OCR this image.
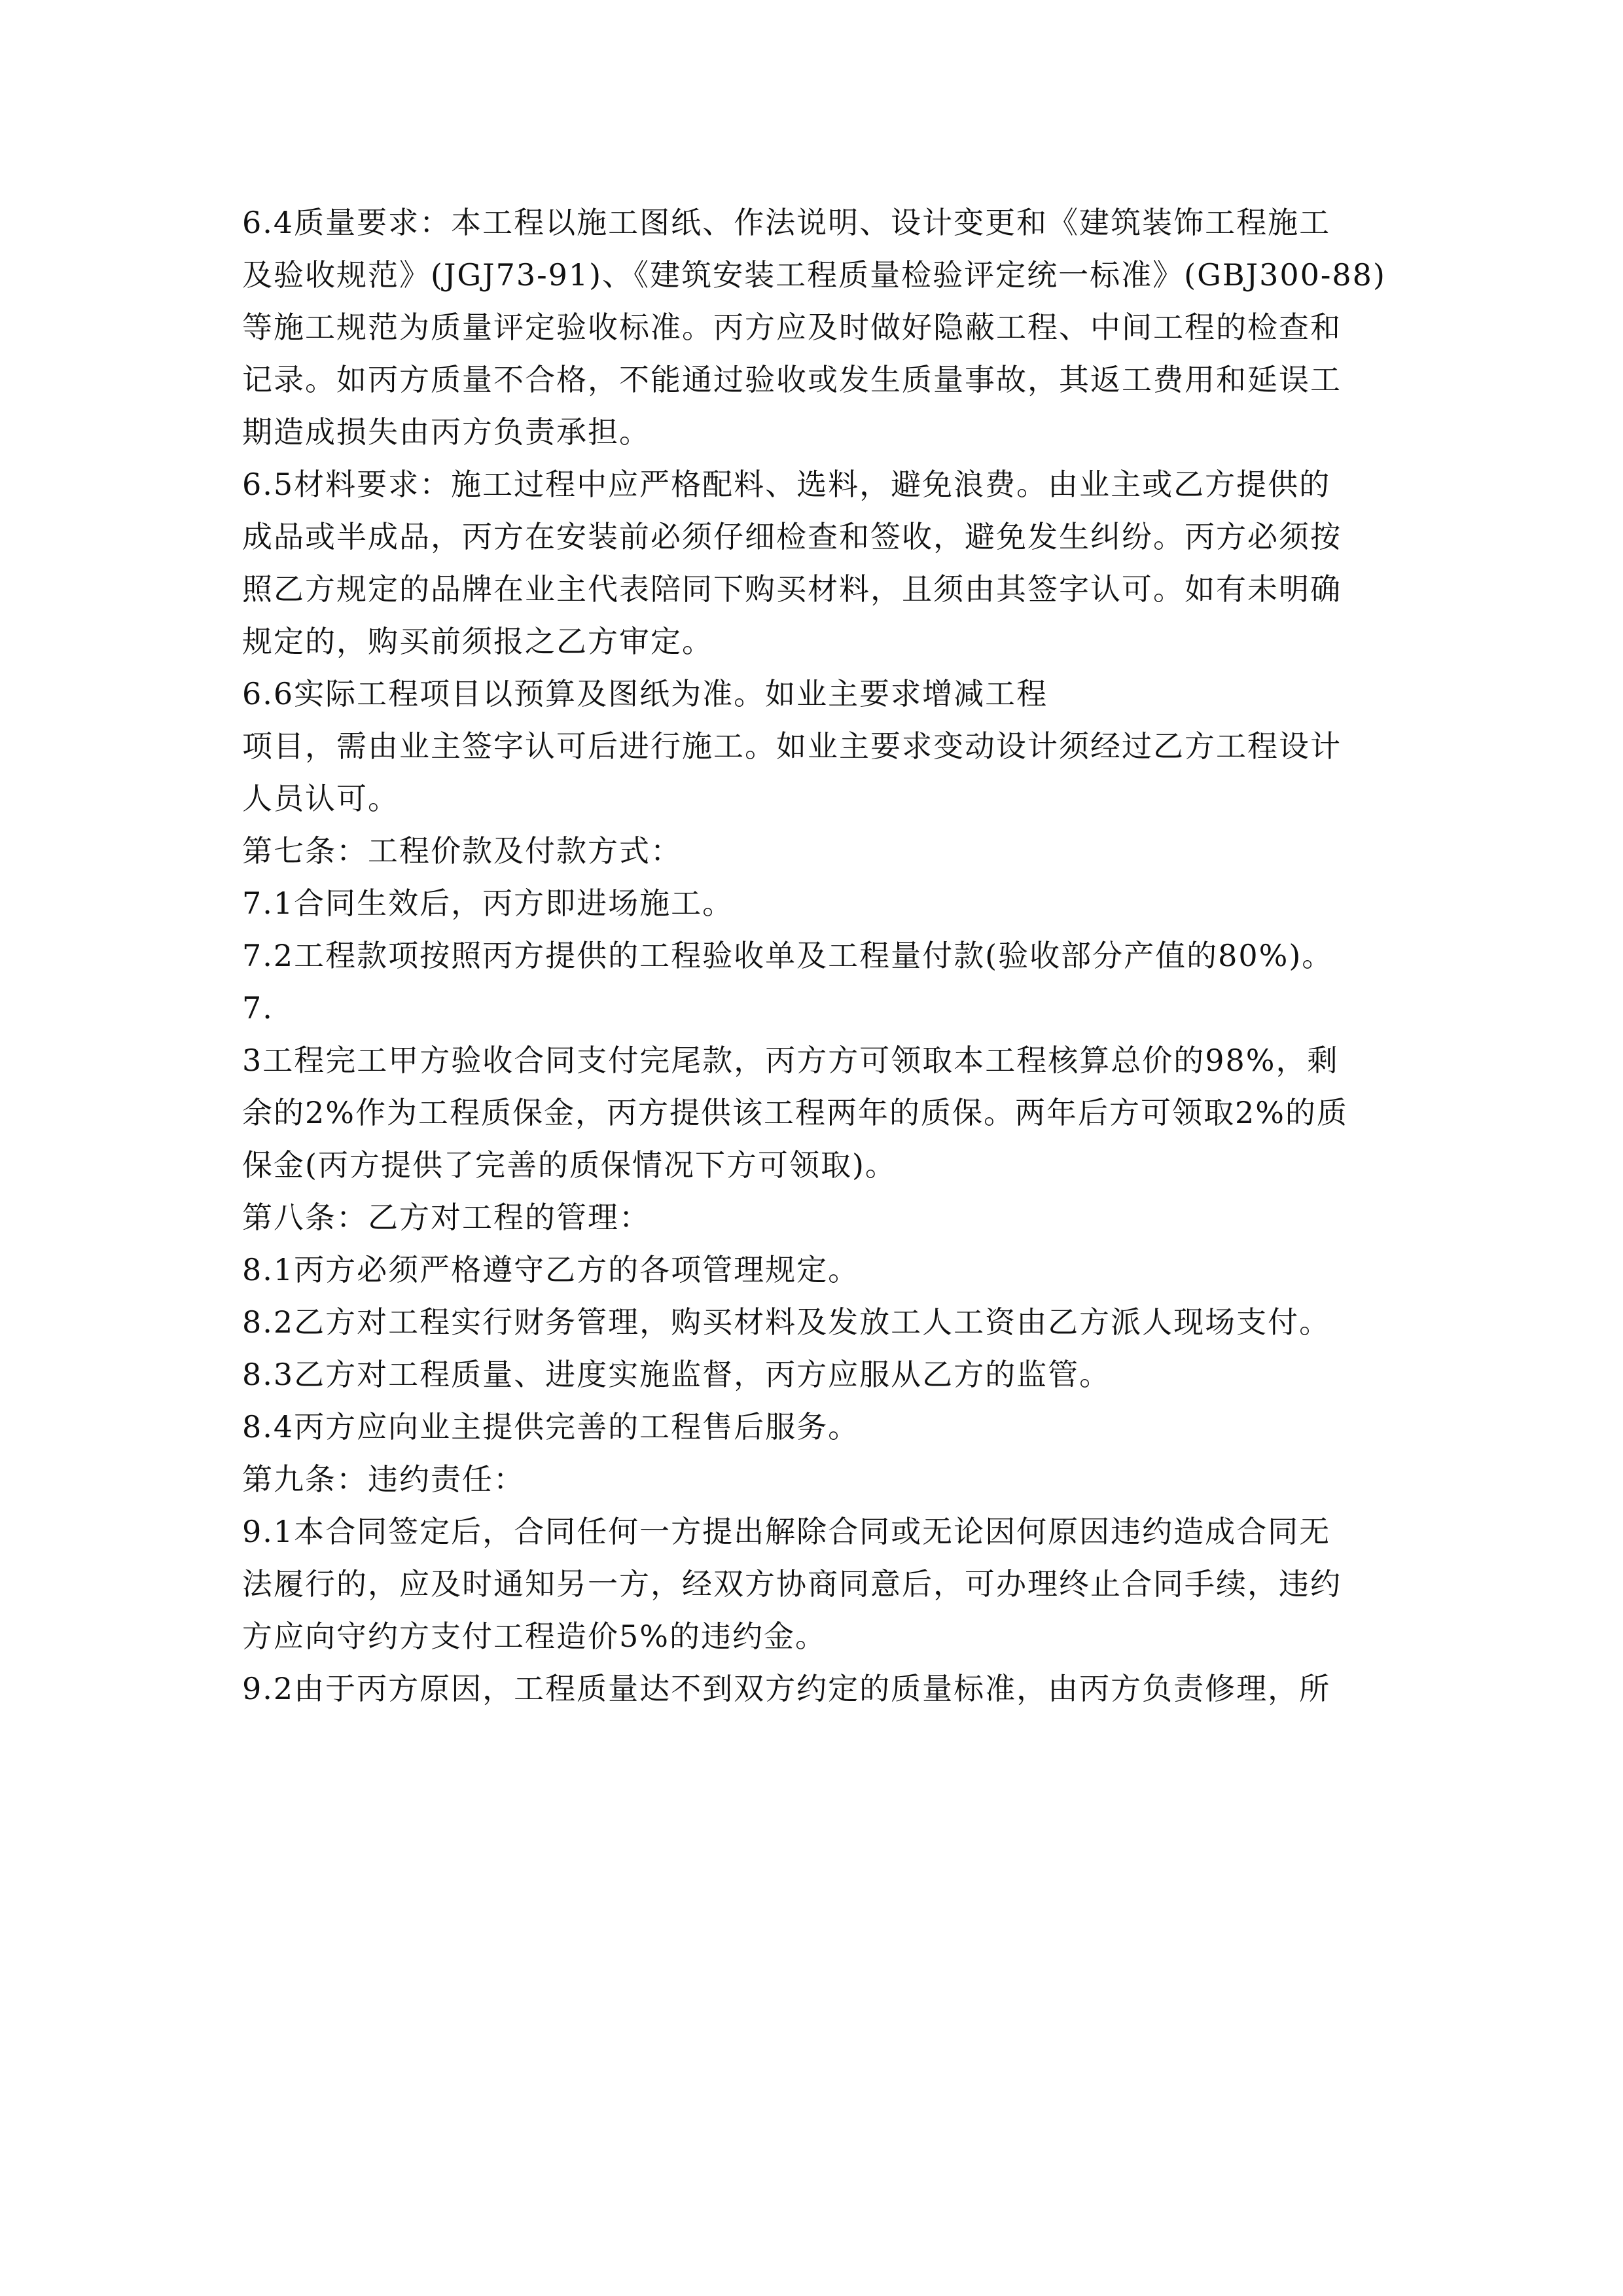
6.4质量要求：本工程以施工图纸、作法说明、设计变更和《建筑装饰工程施工
及验收规范》(JGJ73-91)、《建筑安装工程质量检验评定统一标准》(GBJ300-88)
等施工规范为质量评定验收标准。丙方应及时做好隐蔽工程、中间工程的检查和
记录。如丙方质量不合格，不能通过验收或发生质量事故，其返工费用和延误工
期造成损失由丙方负责承担。
6.5材料要求：施工过程中应严格配料、选料，避免浪费。由业主或乙方提供的
成品或半成品，丙方在安装前必须仔细检查和签收，避免发生纠纷。丙方必须按
照乙方规定的品牌在业主代表陪同下购买材料，且须由其签字认可。如有未明确
规定的，购买前须报之乙方审定。
6.6实际工程项目以预算及图纸为准。如业主要求增减工程
项目，需由业主签字认可后进行施工。如业主要求变动设计须经过乙方工程设计
人员认可。
第七条：工程价款及付款方式：
7.1合同生效后，丙方即进场施工。
7.2工程款项按照丙方提供的工程验收单及工程量付款(验收部分产值的80%)。
7.
3工程完工甲方验收合同支付完尾款，丙方方可领取本工程核算总价的98%，剩
余的2%作为工程质保金，丙方提供该工程两年的质保。两年后方可领取2%的质
保金(丙方提供了完善的质保情况下方可领取)。
第八条：乙方对工程的管理：
8.1丙方必须严格遵守乙方的各项管理规定。
8.2乙方对工程实行财务管理，购买材料及发放工人工资由乙方派人现场支付。
8.3乙方对工程质量、进度实施监督，丙方应服从乙方的监管。
8.4丙方应向业主提供完善的工程售后服务。
第九条：违约责任：
9.1本合同签定后，合同任何一方提出解除合同或无论因何原因违约造成合同无
法履行的，应及时通知另一方，经双方协商同意后，可办理终止合同手续，违约
方应向守约方支付工程造价5%的违约金。
9.2由于丙方原因，工程质量达不到双方约定的质量标准，由丙方负责修理，所
